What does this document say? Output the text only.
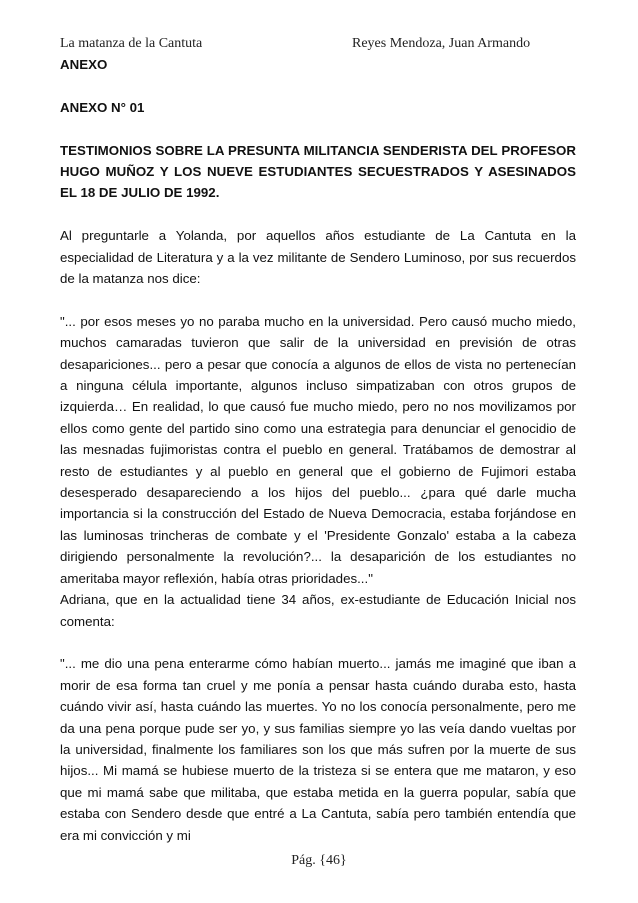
La matanza de la Cantuta	Reyes Mendoza, Juan Armando

ANEXO

ANEXO N° 01

TESTIMONIOS SOBRE LA PRESUNTA MILITANCIA SENDERISTA DEL PROFESOR HUGO MUÑOZ Y LOS NUEVE ESTUDIANTES SECUESTRADOS Y ASESINADOS EL 18 DE JULIO DE 1992.

Al preguntarle a Yolanda, por aquellos años estudiante de La Cantuta en la especialidad de Literatura y a la vez militante de Sendero Luminoso, por sus recuerdos de la matanza nos dice:

"... por esos meses yo no paraba mucho en la universidad. Pero causó mucho miedo, muchos camaradas tuvieron que salir de la universidad en previsión de otras desapariciones... pero a pesar que conocía a algunos de ellos de vista no pertenecían a ninguna célula importante, algunos incluso simpatizaban con otros grupos de izquierda… En realidad, lo que causó fue mucho miedo, pero no nos movilizamos por ellos como gente del partido sino como una estrategia para denunciar el genocidio de las mesnadas fujimoristas contra el pueblo en general. Tratábamos de demostrar al resto de estudiantes y al pueblo en general que el gobierno de Fujimori estaba desesperado desapareciendo a los hijos del pueblo... ¿para qué darle mucha importancia si la construcción del Estado de Nueva Democracia, estaba forjándose en las luminosas trincheras de combate y el 'Presidente Gonzalo' estaba a la cabeza dirigiendo personalmente la revolución?... la desaparición de los estudiantes no ameritaba mayor reflexión, había otras prioridades..."

Adriana, que en la actualidad tiene 34 años, ex-estudiante de Educación Inicial nos comenta:

"... me dio una pena enterarme cómo habían muerto... jamás me imaginé que iban a morir de esa forma tan cruel y me ponía a pensar hasta cuándo duraba esto, hasta cuándo vivir así, hasta cuándo las muertes. Yo no los conocía personalmente, pero me da una pena porque pude ser yo, y sus familias siempre yo las veía dando vueltas por la universidad, finalmente los familiares son los que más sufren por la muerte de sus hijos... Mi mamá se hubiese muerto de la tristeza si se entera que me mataron, y eso que mi mamá sabe que militaba, que estaba metida en la guerra popular, sabía que estaba con Sendero desde que entré a La Cantuta, sabía pero también entendía que era mi convicción y mi

Pág. {46}
